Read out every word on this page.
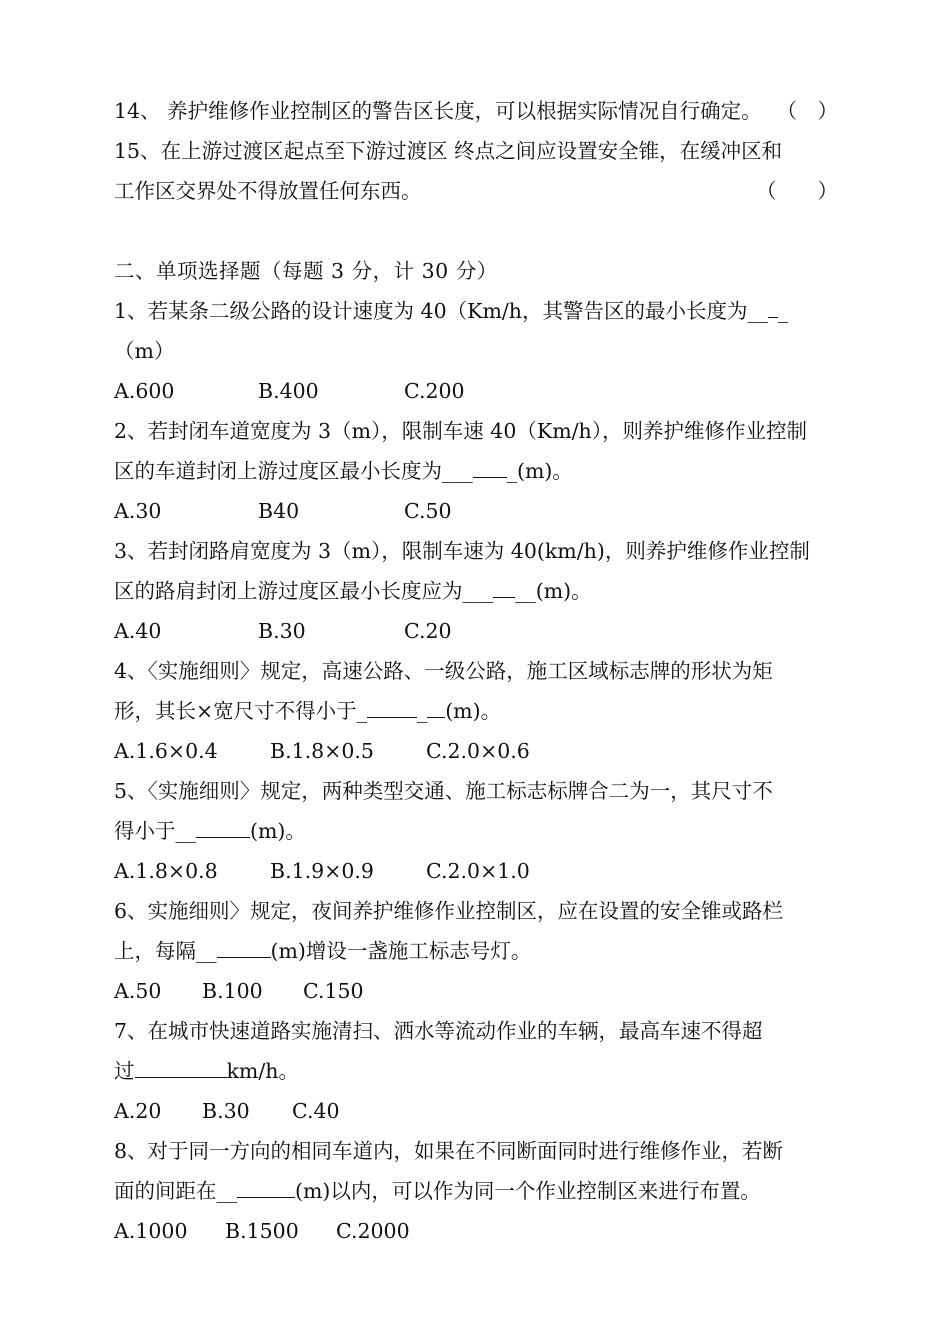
14、 养护维修作业控制区的警告区长度，可以根据实际情况自行确定。 （　）
15、在上游过渡区起点至下游过渡区 终点之间应设置安全锥，在缓冲区和
工作区交界处不得放置任何东西。	（　　）
二、单项选择题（每题 3 分，计 30 分）
1、若某条二级公路的设计速度为 40（Km/h，其警告区的最小长度为__ _
（m）
A.600	B.400	C.200
2、若封闭车道宽度为 3（m），限制车速 40（Km/h），则养护维修作业控制
区的车道封闭上游过度区最小长度为___ _(m)。
A.30	B40	C.50
3、若封闭路肩宽度为 3（m），限制车速为 40(km/h)，则养护维修作业控制
区的路肩封闭上游过度区最小长度应为___ __(m)。
A.40	B.30	C.20
4、〈实施细则〉规定，高速公路、一级公路，施工区域标志牌的形状为矩
形，其长×宽尺寸不得小于_ _ (m)。
A.1.6×0.4	B.1.8×0.5	C.2.0×0.6
5、〈实施细则〉规定，两种类型交通、施工标志标牌合二为一，其尺寸不
得小于__	(m)。
A.1.8×0.8	B.1.9×0.9	C.2.0×1.0
6、实施细则〉规定，夜间养护维修作业控制区，应在设置的安全锥或路栏
上，每隔__	(m)增设一盏施工标志号灯。
A.50	B.100	C.150
7、在城市快速道路实施清扫、洒水等流动作业的车辆，最高车速不得超
过	km/h。
A.20	B.30	C.40
8、对于同一方向的相同车道内，如果在不同断面同时进行维修作业，若断
面的间距在__	(m)以内，可以作为同一个作业控制区来进行布置。
A.1000	B.1500	C.2000
